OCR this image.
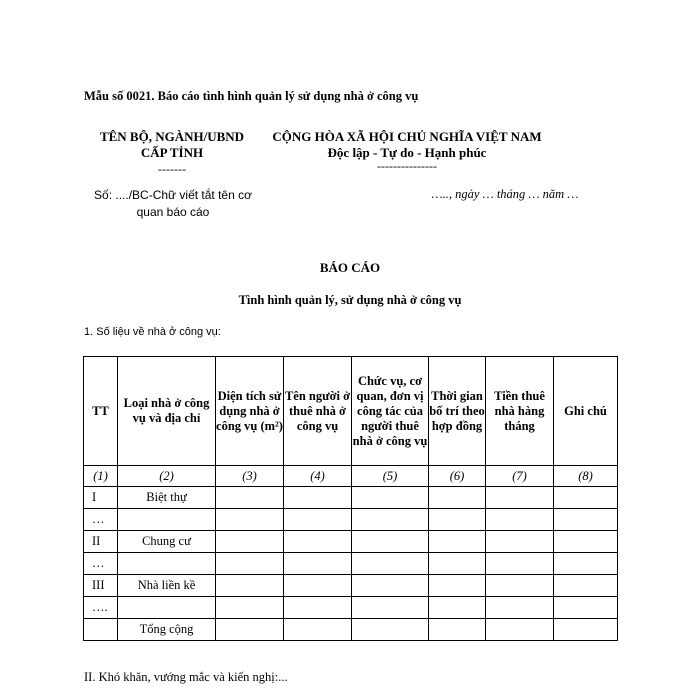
Mẫu số 0021. Báo cáo tình hình quản lý sử dụng nhà ở công vụ
TÊN BỘ, NGÀNH/UBND
CẤP TỈNH
-------
CỘNG HÒA XÃ HỘI CHỦ NGHĨA VIỆT NAM
Độc lập - Tự do - Hạnh phúc
---------------
Số: ..../BC-Chữ viết tắt tên cơ
quan báo cáo
….., ngày … tháng … năm …
BÁO CÁO
Tình hình quản lý, sử dụng nhà ở công vụ
1. Số liệu về nhà ở công vụ:
TT	Loại nhà ở công vụ và địa chỉ	Diện tích sử dụng nhà ở công vụ (m²)	Tên người ở thuê nhà ở công vụ	Chức vụ, cơ quan, đơn vị công tác của người thuê nhà ở công vụ	Thời gian bố trí theo hợp đồng	Tiền thuê nhà hàng tháng	Ghi chú
(1)	(2)	(3)	(4)	(5)	(6)	(7)	(8)
I	Biệt thự						
…							
II	Chung cư						
…							
III	Nhà liền kề						
….							
	Tổng cộng						
II. Khó khăn, vướng mắc và kiến nghị:...
